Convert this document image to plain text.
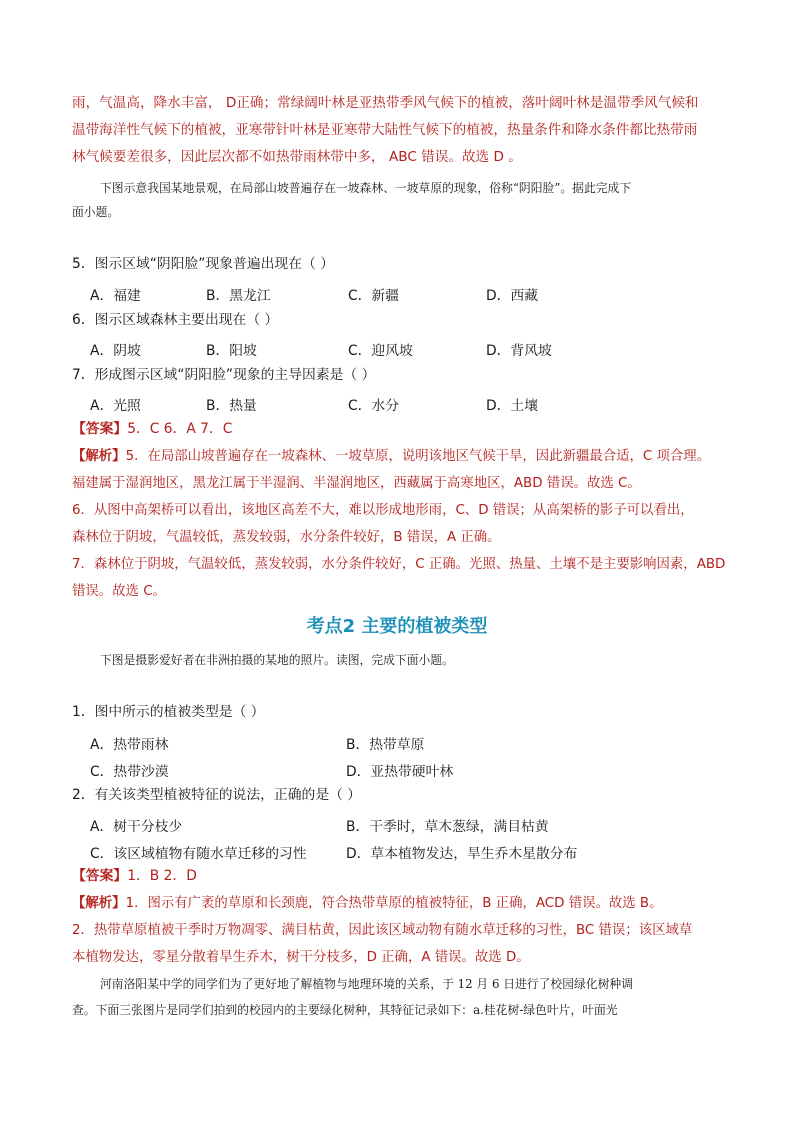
雨，气温高，降水丰富， D正确；常绿阔叶林是亚热带季风气候下的植被，落叶阔叶林是温带季风气候和
温带海洋性气候下的植被，亚寒带针叶林是亚寒带大陆性气候下的植被，热量条件和降水条件都比热带雨
林气候要差很多，因此层次都不如热带雨林带中多， ABC 错误。故选 D 。
下图示意我国某地景观，在局部山坡普遍存在一坡森林、一坡草原的现象，俗称“阴阳脸”。据此完成下
面小题。
5．图示区域“阴阳脸”现象普遍出现在（ ）
A．福建	B．黑龙江	C．新疆	D．西藏
6．图示区域森林主要出现在（ ）
A．阴坡	B．阳坡	C．迎风坡	D．背风坡
7．形成图示区域“阴阳脸”现象的主导因素是（ ）
A．光照	B．热量	C．水分	D．土壤
【答案】5．C 6．A 7．C
【解析】5．在局部山坡普遍存在一坡森林、一坡草原，说明该地区气候干旱，因此新疆最合适，C 项合理。
福建属于湿润地区，黑龙江属于半湿润、半湿润地区，西藏属于高寒地区，ABD 错误。故选 C。
6．从图中高架桥可以看出，该地区高差不大，难以形成地形雨，C、D 错误；从高架桥的影子可以看出，
森林位于阴坡，气温较低，蒸发较弱，水分条件较好，B 错误，A 正确。
7．森林位于阴坡，气温较低，蒸发较弱，水分条件较好，C 正确。光照、热量、土壤不是主要影响因素，ABD
错误。故选 C。
考点2 主要的植被类型
下图是摄影爱好者在非洲拍摄的某地的照片。读图，完成下面小题。
1．图中所示的植被类型是（ ）
A．热带雨林	B．热带草原
C．热带沙漠	D．亚热带硬叶林
2．有关该类型植被特征的说法，正确的是（ ）
A．树干分枝少	B．干季时，草木葱绿，满目枯黄
C．该区域植物有随水草迁移的习性	D．草本植物发达，旱生乔木星散分布
【答案】1．B 2．D
【解析】1．图示有广袤的草原和长颈鹿，符合热带草原的植被特征，B 正确，ACD 错误。故选 B。
2．热带草原植被干季时万物凋零、满目枯黄，因此该区域动物有随水草迁移的习性，BC 错误；该区域草
本植物发达，零星分散着旱生乔木，树干分枝多，D 正确，A 错误。故选 D。
河南洛阳某中学的同学们为了更好地了解植物与地理环境的关系，于 12 月 6 日进行了校园绿化树种调
查。下面三张图片是同学们拍到的校园内的主要绿化树种，其特征记录如下：a.桂花树-绿色叶片，叶面光
